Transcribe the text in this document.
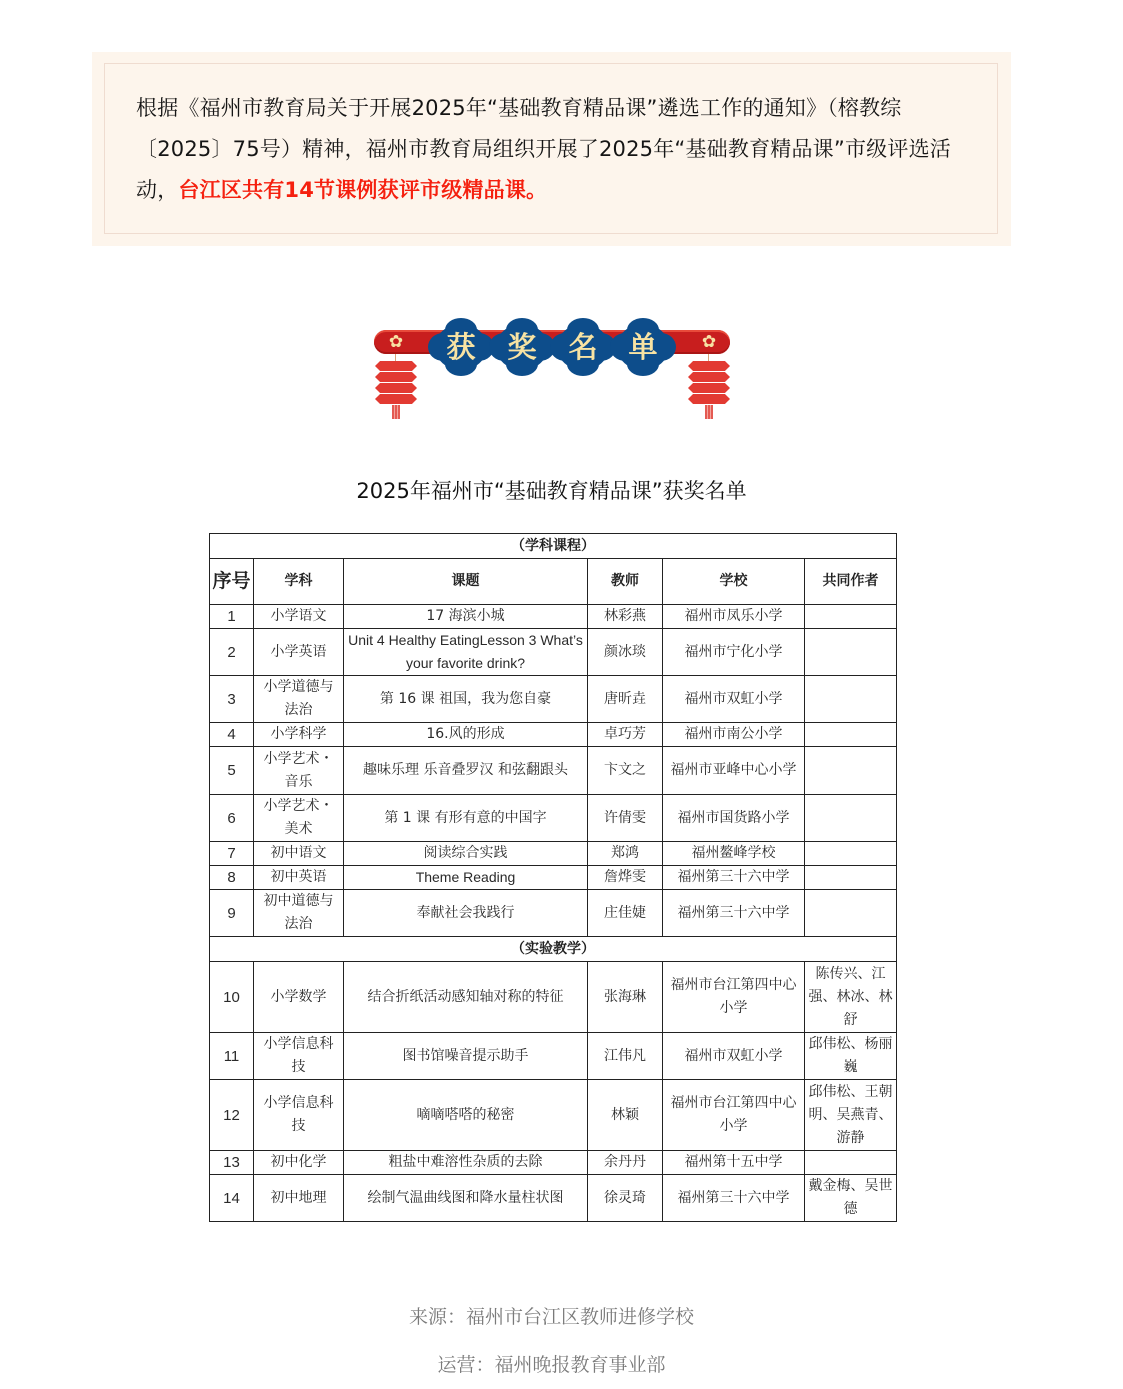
根据《福州市教育局关于开展2025年“基础教育精品课”遴选工作的通知》（榕教综〔2025〕75号）精神，福州市教育局组织开展了2025年“基础教育精品课”市级评选活动，台江区共有14节课例获评市级精品课。
✿	✿
获	奖	名	单
2025年福州市“基础教育精品课”获奖名单
（学科课程）					
序号	学科	课题	教师	学校	共同作者
1	小学语文	17 海滨小城	林彩燕	福州市凤乐小学	
2	小学英语	Unit 4 Healthy EatingLesson 3 What’s your favorite drink?	颜冰琰	福州市宁化小学	
3	小学道德与法治	第 16 课 祖国，我为您自豪	唐昕垚	福州市双虹小学	
4	小学科学	16.风的形成	卓巧芳	福州市南公小学	
5	小学艺术・音乐	趣味乐理 乐音叠罗汉 和弦翻跟头	卞文之	福州市亚峰中心小学	
6	小学艺术・美术	第 1 课 有形有意的中国字	许倩雯	福州市国货路小学	
7	初中语文	阅读综合实践	郑鸿	福州鳌峰学校	
8	初中英语	Theme Reading	詹烨雯	福州第三十六中学	
9	初中道德与法治	奉献社会我践行	庄佳婕	福州第三十六中学	
（实验教学）					
10	小学数学	结合折纸活动感知轴对称的特征	张海琳	福州市台江第四中心小学	陈传兴、江强、林冰、林舒
11	小学信息科技	图书馆噪音提示助手	江伟凡	福州市双虹小学	邱伟松、杨丽巍
12	小学信息科技	嘀嘀嗒嗒的秘密	林颖	福州市台江第四中心小学	邱伟松、王朝明、吴燕青、游静
13	初中化学	粗盐中难溶性杂质的去除	余丹丹	福州第十五中学	
14	初中地理	绘制气温曲线图和降水量柱状图	徐灵琦	福州第三十六中学	戴金梅、吴世德
来源：福州市台江区教师进修学校
运营：福州晚报教育事业部
